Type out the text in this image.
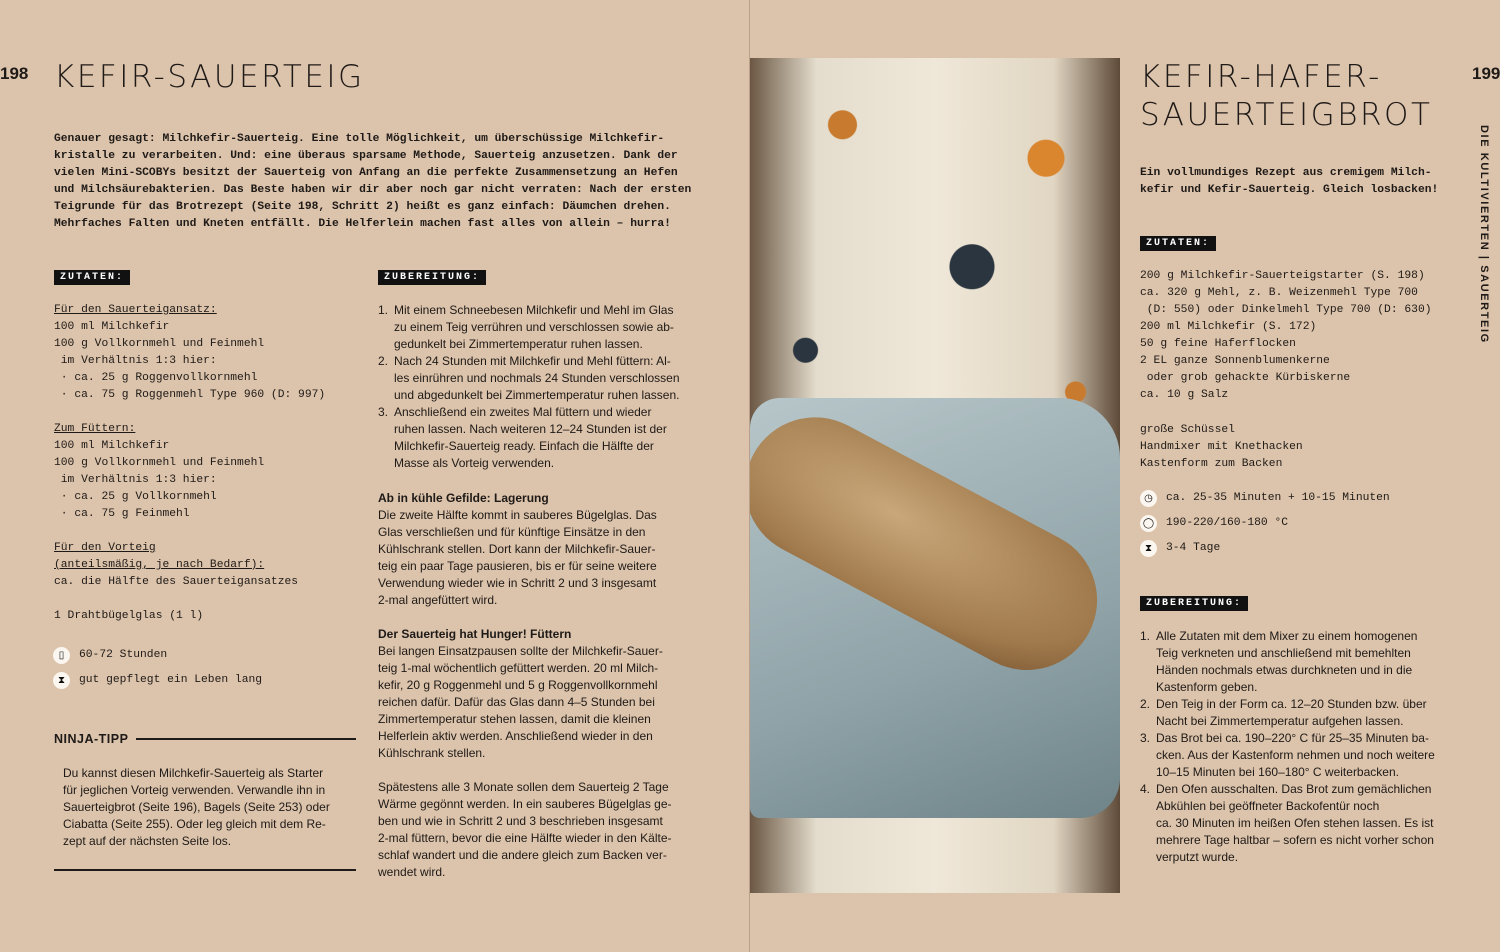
198 KEFIR-SAUERTEIG
Genauer gesagt: Milchkefir-Sauerteig. Eine tolle Möglichkeit, um überschüssige Milchkefir-
kristalle zu verarbeiten. Und: eine überaus sparsame Methode, Sauerteig anzusetzen. Dank der
vielen Mini-SCOBYs besitzt der Sauerteig von Anfang an die perfekte Zusammensetzung an Hefen
und Milchsäurebakterien. Das Beste haben wir dir aber noch gar nicht verraten: Nach der ersten
Teigrunde für das Brotrezept (Seite 198, Schritt 2) heißt es ganz einfach: Däumchen drehen.
Mehrfaches Falten und Kneten entfällt. Die Helferlein machen fast alles von allein – hurra!
ZUTATEN:
Für den Sauerteigansatz:
100 ml Milchkefir
100 g Vollkornmehl und Feinmehl
im Verhältnis 1:3 hier:
· ca. 25 g Roggenvollkornmehl
· ca. 75 g Roggenmehl Type 960 (D: 997)
Zum Füttern:
100 ml Milchkefir
100 g Vollkornmehl und Feinmehl
im Verhältnis 1:3 hier:
· ca. 25 g Vollkornmehl
· ca. 75 g Feinmehl
Für den Vorteig
(anteilsmäßig, je nach Bedarf):
ca. die Hälfte des Sauerteigansatzes
1 Drahtbügelglas (1 l)
▯	60-72 Stunden
⧗	gut gepflegt ein Leben lang
NINJA-TIPP
Du kannst diesen Milchkefir-Sauerteig als Starter
für jeglichen Vorteig verwenden. Verwandle ihn in
Sauerteigbrot (Seite 196), Bagels (Seite 253) oder
Ciabatta (Seite 255). Oder leg gleich mit dem Re-
zept auf der nächsten Seite los.
ZUBEREITUNG:
1. Mit einem Schneebesen Milchkefir und Mehl im Glas
zu einem Teig verrühren und verschlossen sowie ab-
gedunkelt bei Zimmertemperatur ruhen lassen.
2. Nach 24 Stunden mit Milchkefir und Mehl füttern: Al-
les einrühren und nochmals 24 Stunden verschlossen
und abgedunkelt bei Zimmertemperatur ruhen lassen.
3. Anschließend ein zweites Mal füttern und wieder
ruhen lassen. Nach weiteren 12–24 Stunden ist der
Milchkefir-Sauerteig ready. Einfach die Hälfte der
Masse als Vorteig verwenden.
Ab in kühle Gefilde: Lagerung
Die zweite Hälfte kommt in sauberes Bügelglas. Das
Glas verschließen und für künftige Einsätze in den
Kühlschrank stellen. Dort kann der Milchkefir-Sauer-
teig ein paar Tage pausieren, bis er für seine weitere
Verwendung wieder wie in Schritt 2 und 3 insgesamt
2-mal angefüttert wird.
Der Sauerteig hat Hunger! Füttern
Bei langen Einsatzpausen sollte der Milchkefir-Sauer-
teig 1-mal wöchentlich gefüttert werden. 20 ml Milch-
kefir, 20 g Roggenmehl und 5 g Roggenvollkornmehl
reichen dafür. Dafür das Glas dann 4–5 Stunden bei
Zimmertemperatur stehen lassen, damit die kleinen
Helferlein aktiv werden. Anschließend wieder in den
Kühlschrank stellen.
Spätestens alle 3 Monate sollen dem Sauerteig 2 Tage
Wärme gegönnt werden. In ein sauberes Bügelglas ge-
ben und wie in Schritt 2 und 3 beschrieben insgesamt
2-mal füttern, bevor die eine Hälfte wieder in den Kälte-
schlaf wandert und die andere gleich zum Backen ver-
wendet wird.
KEFIR-HAFER-
SAUERTEIGBROT
199
DIE KULTIVIERTEN | SAUERTEIG
Ein vollmundiges Rezept aus cremigem Milch-
kefir und Kefir-Sauerteig. Gleich losbacken!
ZUTATEN:
200 g Milchkefir-Sauerteigstarter (S. 198)
ca. 320 g Mehl, z. B. Weizenmehl Type 700
(D: 550) oder Dinkelmehl Type 700 (D: 630)
200 ml Milchkefir (S. 172)
50 g feine Haferflocken
2 EL ganze Sonnenblumenkerne
oder grob gehackte Kürbiskerne
ca. 10 g Salz
große Schüssel
Handmixer mit Knethacken
Kastenform zum Backen
◷	ca. 25-35 Minuten + 10-15 Minuten
◯ 190-220/160-180 °C
⧗	3-4 Tage
ZUBEREITUNG:
1. Alle Zutaten mit dem Mixer zu einem homogenen
Teig verkneten und anschließend mit bemehlten
Händen nochmals etwas durchkneten und in die
Kastenform geben.
2. Den Teig in der Form ca. 12–20 Stunden bzw. über
Nacht bei Zimmertemperatur aufgehen lassen.
3. Das Brot bei ca. 190–220° C für 25–35 Minuten ba-
cken. Aus der Kastenform nehmen und noch weitere
10–15 Minuten bei 160–180° C weiterbacken.
4. Den Ofen ausschalten. Das Brot zum gemächlichen
Abkühlen bei geöffneter Backofentür noch
ca. 30 Minuten im heißen Ofen stehen lassen. Es ist
mehrere Tage haltbar – sofern es nicht vorher schon
verputzt wurde.
